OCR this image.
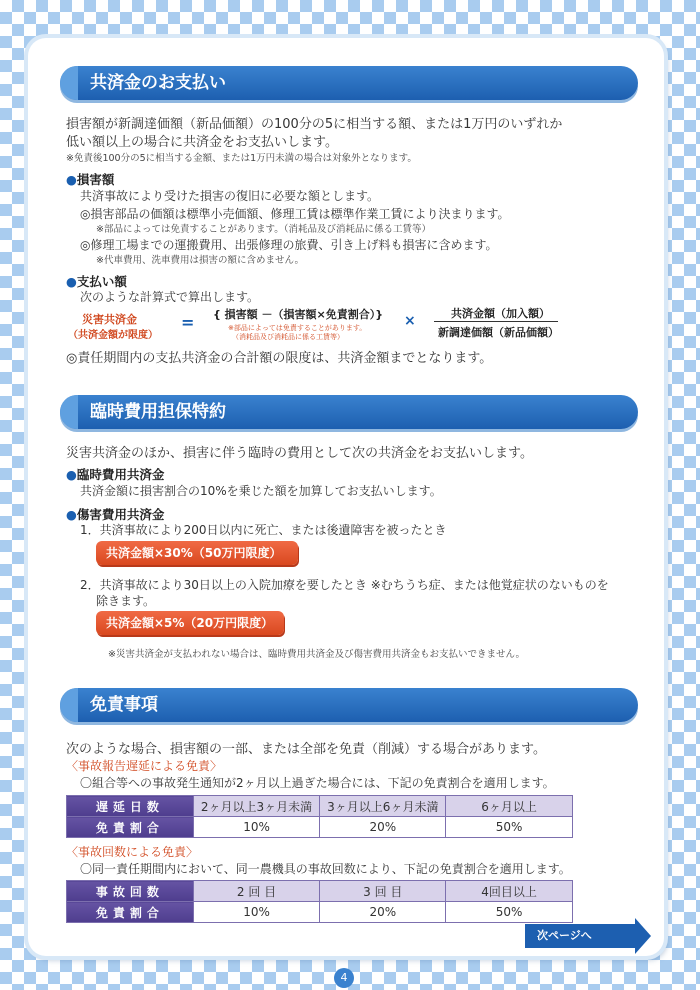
共済金のお支払い
損害額が新調達価額（新品価額）の100分の5に相当する額、または1万円のいずれか
低い額以上の場合に共済金をお支払いします。
※免責後100分の5に相当する金額、または1万円未満の場合は対象外となります。
●損害額
共済事故により受けた損害の復旧に必要な額とします。
◎損害部品の価額は標準小売価額、修理工賃は標準作業工賃により決まります。
※部品によっては免責することがあります。（消耗品及び消耗品に係る工賃等）
◎修理工場までの運搬費用、出張修理の旅費、引き上げ料も損害に含めます。
※代車費用、洗車費用は損害の額に含めません。
●支払い額
次のような計算式で算出します。
災害共済金
（共済金額が限度）
= { 損害額 －（損害額×免責割合）}
※部品によっては免責することがあります。
（消耗品及び消耗品に係る工賃等）
×	共済金額（加入額）
新調達価額（新品価額）
◎責任期間内の支払共済金の合計額の限度は、共済金額までとなります。
臨時費用担保特約
災害共済金のほか、損害に伴う臨時の費用として次の共済金をお支払いします。
●臨時費用共済金
共済金額に損害割合の10%を乗じた額を加算してお支払いします。
●傷害費用共済金
1．共済事故により200日以内に死亡、または後遺障害を被ったとき
共済金額×30%（50万円限度）
2．共済事故により30日以上の入院加療を要したとき ※むちうち症、または他覚症状のないものを
除きます。
共済金額×5%（20万円限度）
※災害共済金が支払われない場合は、臨時費用共済金及び傷害費用共済金もお支払いできません。
免責事項
次のような場合、損害額の一部、または全部を免責（削減）する場合があります。
〈事故報告遅延による免責〉
〇組合等への事故発生通知が2ヶ月以上過ぎた場合には、下記の免責割合を適用します。
遅延日数	2ヶ月以上3ヶ月未満	3ヶ月以上6ヶ月未満	6ヶ月以上
免責割合	10%	20%	50%
〈事故回数による免責〉
〇同一責任期間内において、同一農機具の事故回数により、下記の免責割合を適用します。
事故回数	2 回 目	3 回 目	4回目以上
免責割合	10%	20%	50%
次ページへ
4
